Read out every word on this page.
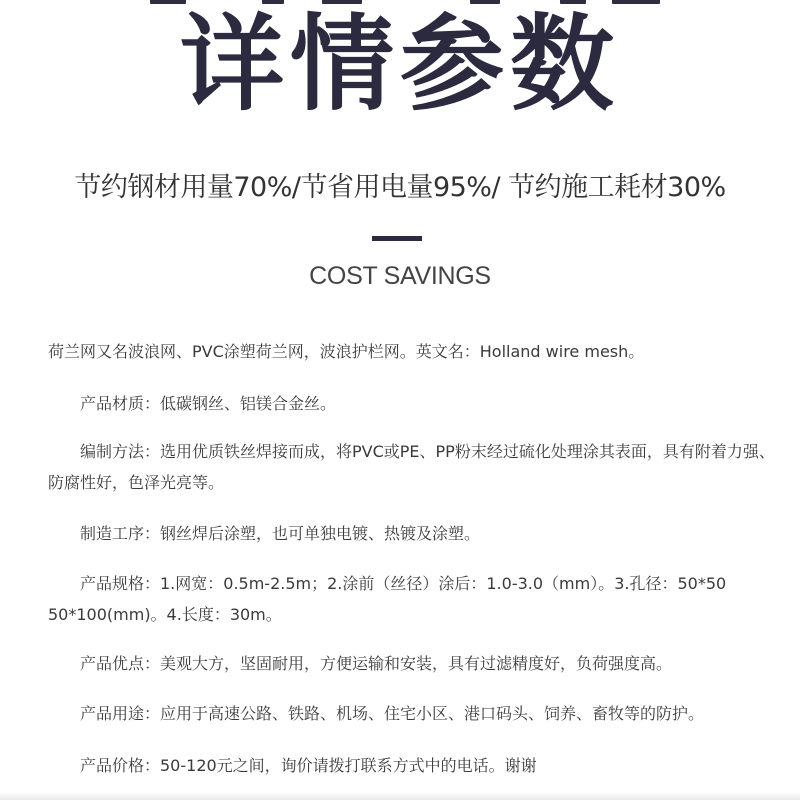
详情参数
节约钢材用量70%/节省用电量95%/ 节约施工耗材30%
COST SAVINGS

荷兰网又名波浪网、PVC涂塑荷兰网，波浪护栏网。英文名：Holland wire mesh。

产品材质：低碳钢丝、铝镁合金丝。

编制方法：选用优质铁丝焊接而成，将PVC或PE、PP粉末经过硫化处理涂其表面，具有附着力强、防腐性好，色泽光亮等。

制造工序：钢丝焊后涂塑，也可单独电镀、热镀及涂塑。

产品规格：1.网宽：0.5m-2.5m；2.涂前（丝径）涂后：1.0-3.0（mm）。3.孔径：50*50 50*100(mm)。4.长度：30m。

产品优点：美观大方，坚固耐用，方便运输和安装，具有过滤精度好，负荷强度高。

产品用途：应用于高速公路、铁路、机场、住宅小区、港口码头、饲养、畜牧等的防护。

产品价格：50-120元之间，询价请拨打联系方式中的电话。谢谢
